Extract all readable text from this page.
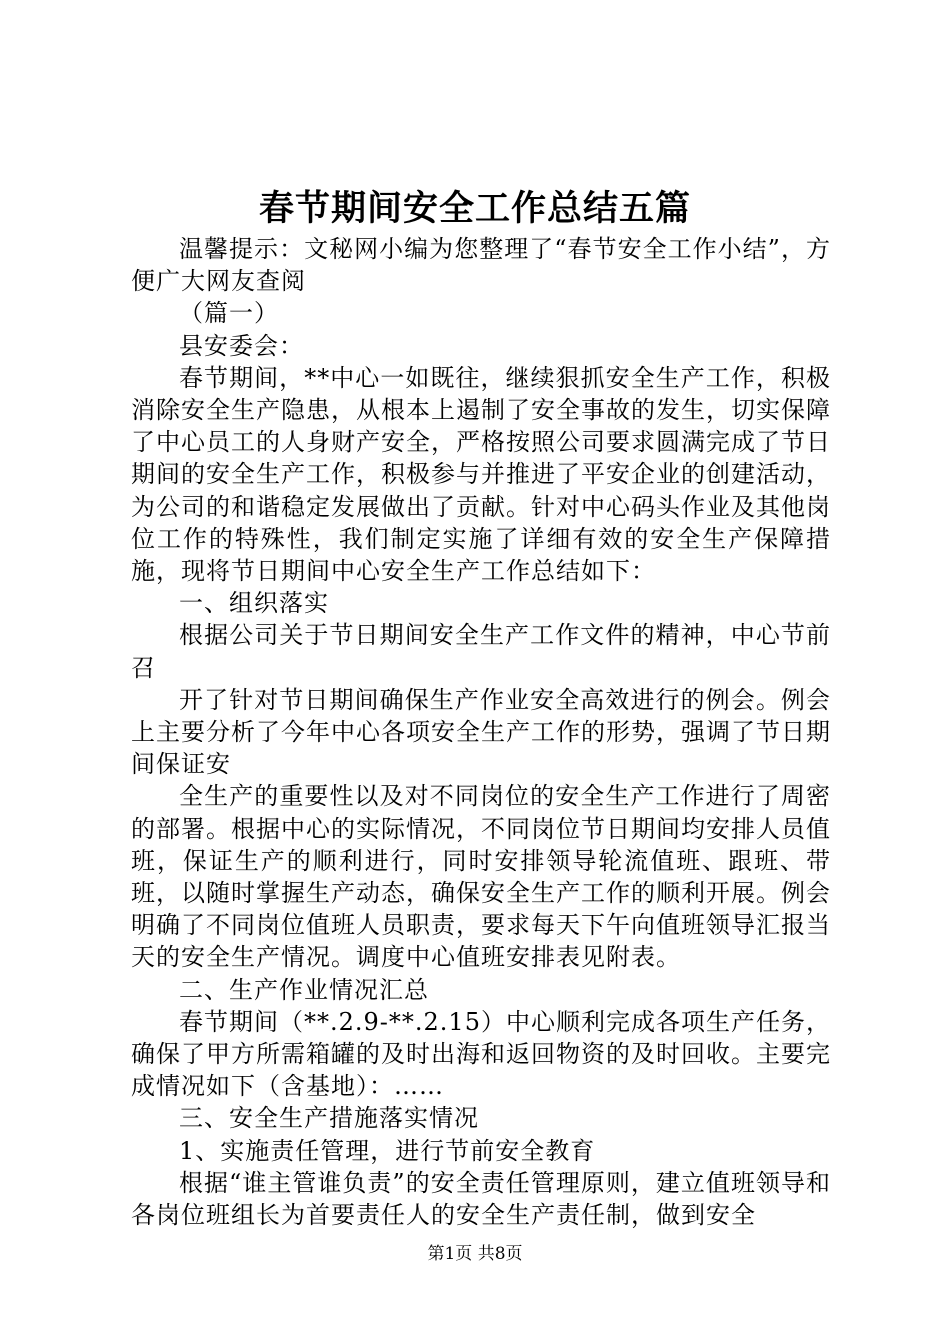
春节期间安全工作总结五篇

温馨提示：文秘网小编为您整理了“春节安全工作小结”，方便广大网友查阅

（篇一）

县安委会：

春节期间，**中心一如既往，继续狠抓安全生产工作，积极消除安全生产隐患，从根本上遏制了安全事故的发生，切实保障了中心员工的人身财产安全，严格按照公司要求圆满完成了节日期间的安全生产工作，积极参与并推进了平安企业的创建活动，为公司的和谐稳定发展做出了贡献。针对中心码头作业及其他岗位工作的特殊性，我们制定实施了详细有效的安全生产保障措施，现将节日期间中心安全生产工作总结如下：

一、组织落实

根据公司关于节日期间安全生产工作文件的精神，中心节前召

开了针对节日期间确保生产作业安全高效进行的例会。例会上主要分析了今年中心各项安全生产工作的形势，强调了节日期间保证安

全生产的重要性以及对不同岗位的安全生产工作进行了周密的部署。根据中心的实际情况，不同岗位节日期间均安排人员值班，保证生产的顺利进行，同时安排领导轮流值班、跟班、带班，以随时掌握生产动态，确保安全生产工作的顺利开展。例会明确了不同岗位值班人员职责，要求每天下午向值班领导汇报当天的安全生产情况。调度中心值班安排表见附表。

二、生产作业情况汇总

春节期间（**.2.9-**.2.15）中心顺利完成各项生产任务，确保了甲方所需箱罐的及时出海和返回物资的及时回收。主要完成情况如下（含基地）：……

三、安全生产措施落实情况

1、实施责任管理，进行节前安全教育

根据“谁主管谁负责”的安全责任管理原则，建立值班领导和各岗位班组长为首要责任人的安全生产责任制，做到安全

第1页 共8页
